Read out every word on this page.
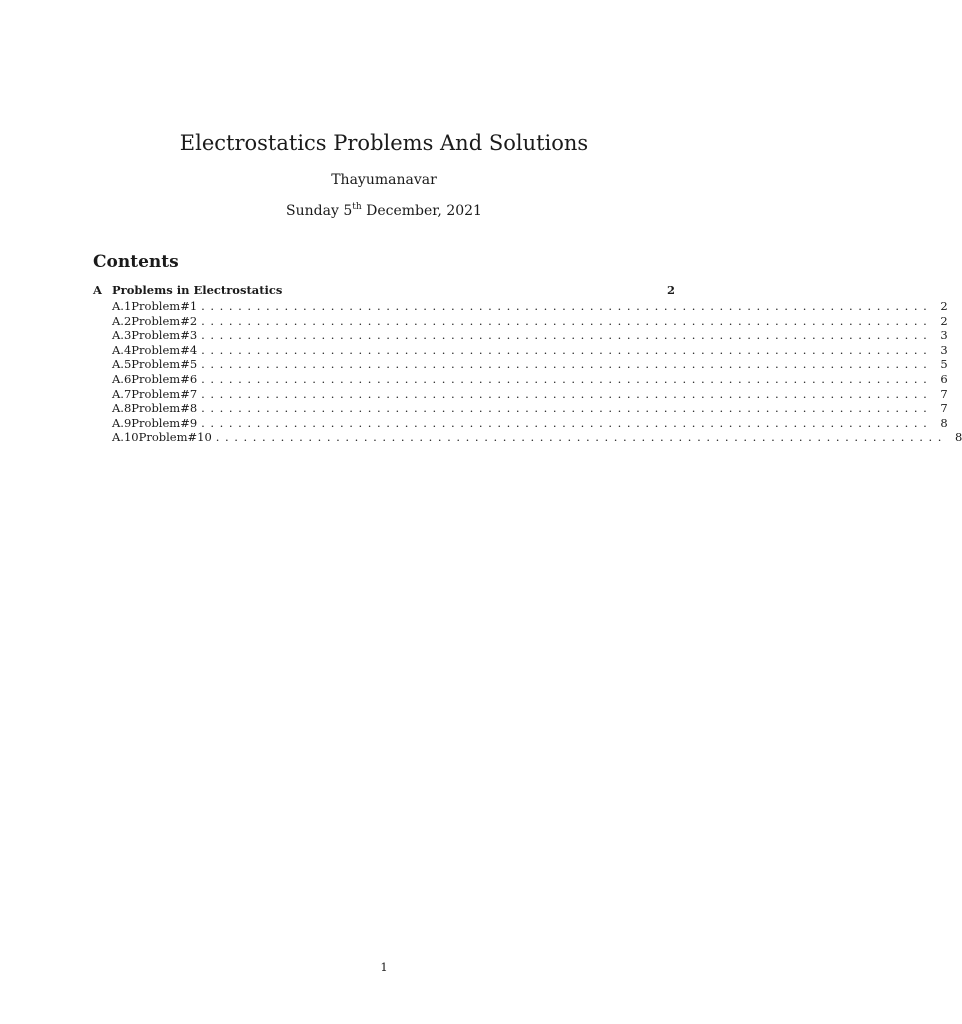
Electrostatics Problems And Solutions
Thayumanavar
Sunday 5th December, 2021
Contents
A Problems in Electrostatics	2
A.1 Problem#1 ............................................................................... 2
A.2 Problem#2 ............................................................................... 2
A.3 Problem#3 ............................................................................... 3
A.4 Problem#4 ............................................................................... 3
A.5 Problem#5 ............................................................................... 5
A.6 Problem#6 ............................................................................... 6
A.7 Problem#7 ............................................................................... 7
A.8 Problem#8 ............................................................................... 7
A.9 Problem#9 ............................................................................... 8
A.10 Problem#10 ............................................................................... 8
1
